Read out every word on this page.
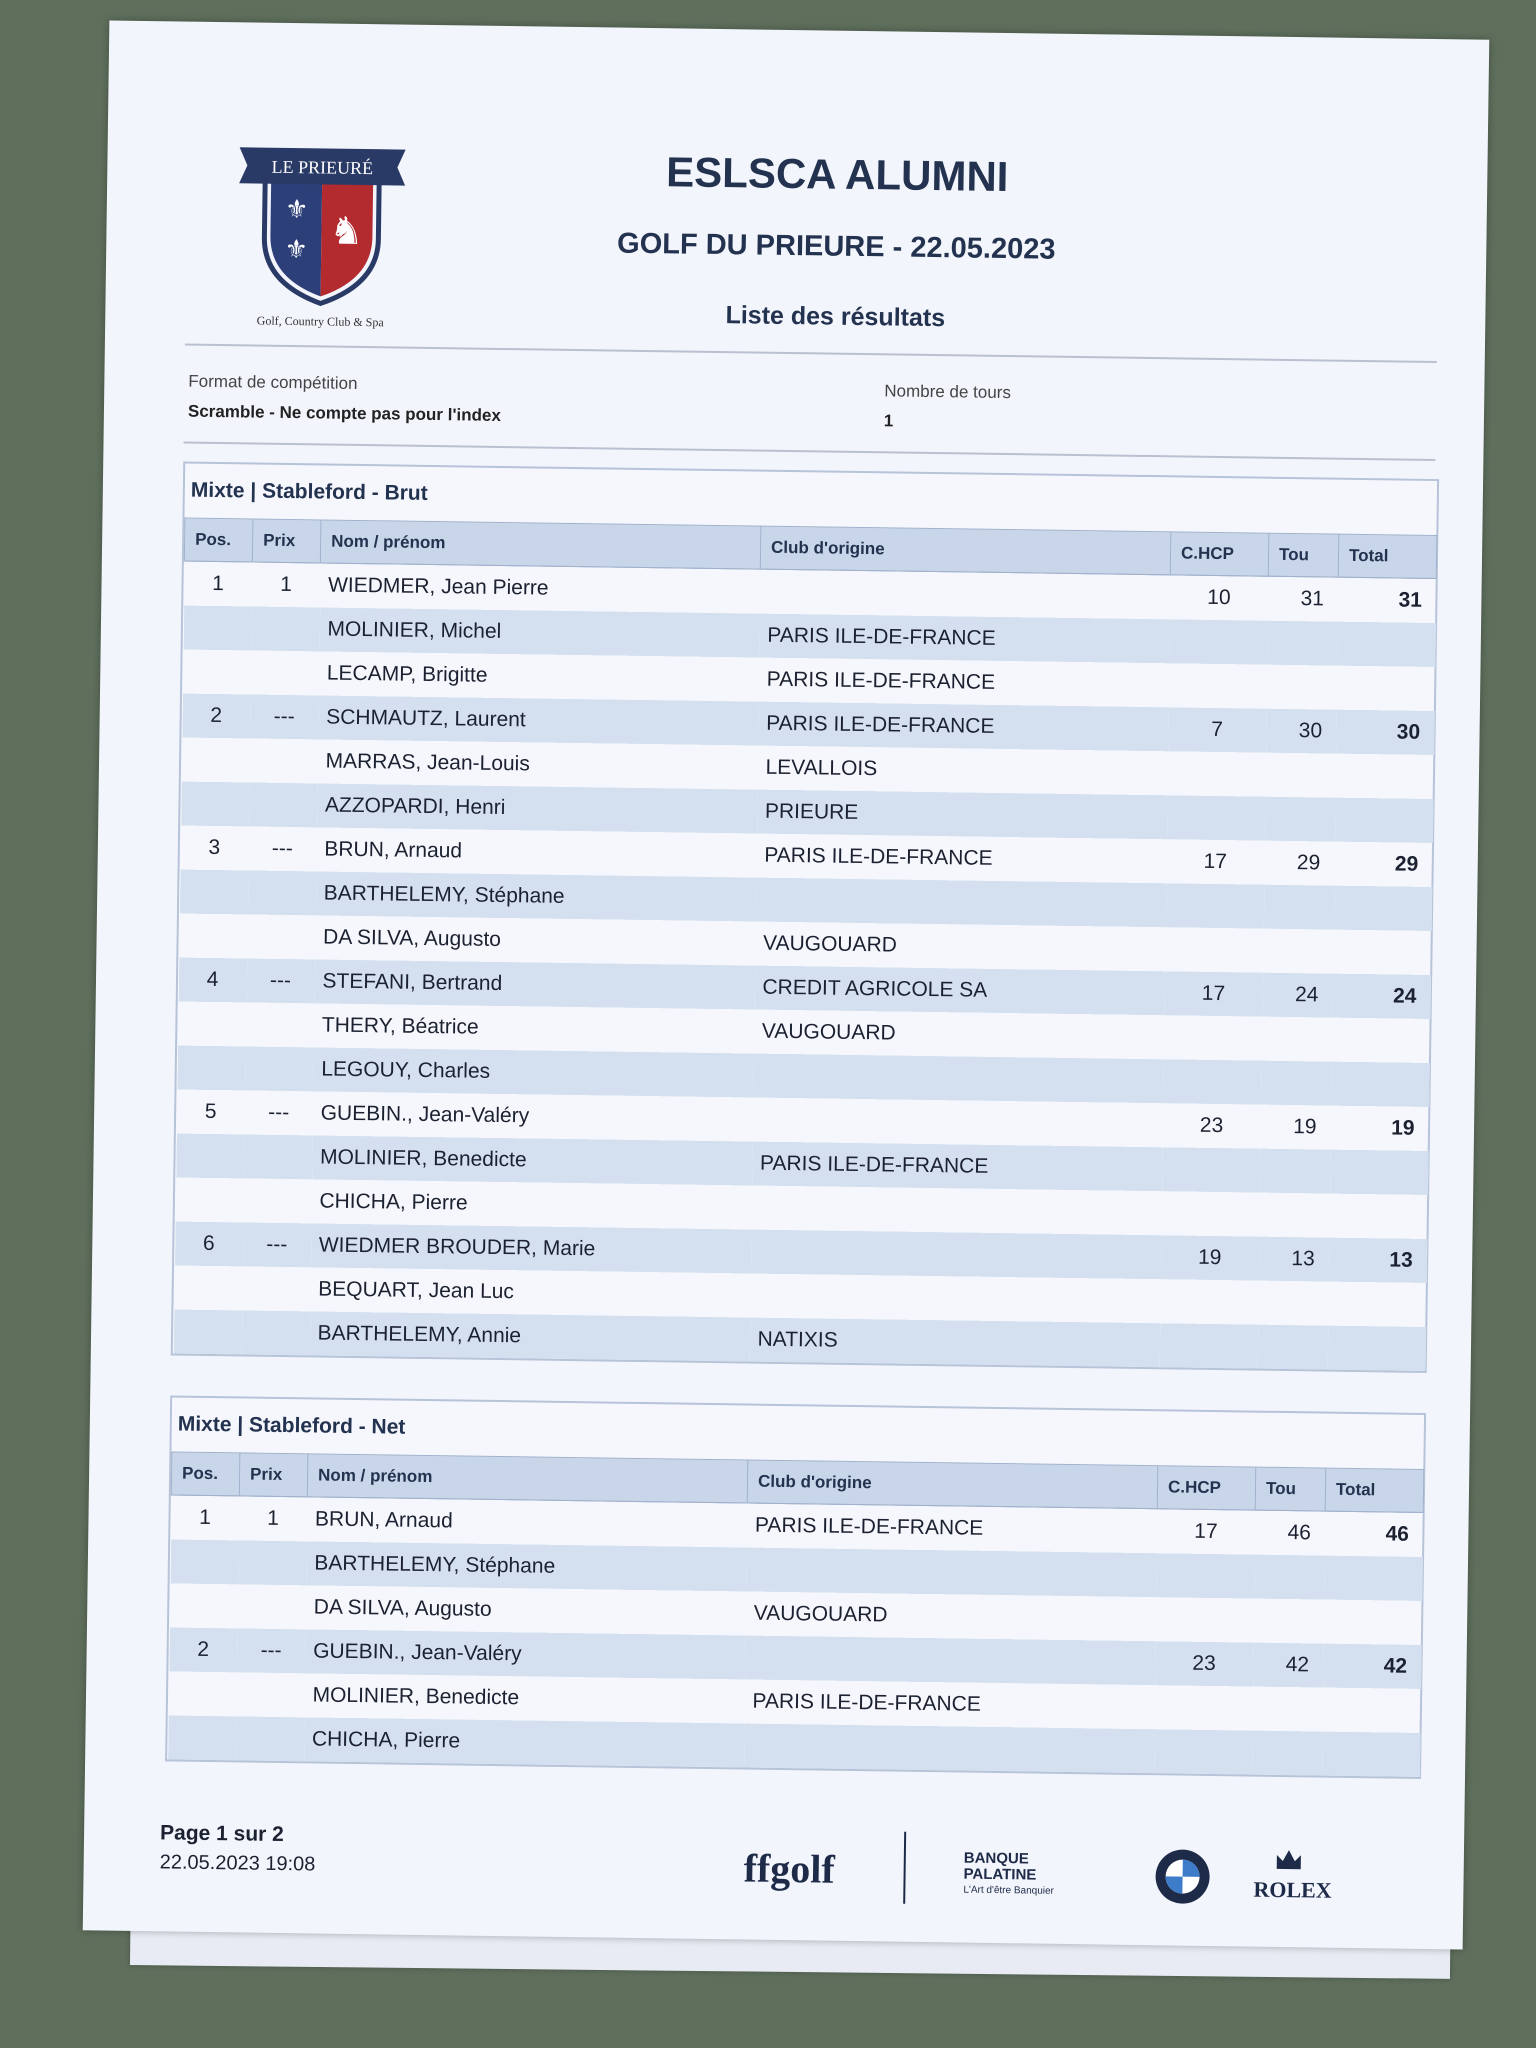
⚜
⚜ ♞
LE PRIEURÉ
Golf, Country Club & Spa
ESLSCA ALUMNI
GOLF DU PRIEURE - 22.05.2023
Liste des résultats
Format de compétition
Scramble - Ne compte pas pour l'index
Nombre de tours
1
Mixte | Stableford - Brut
Pos.	Prix	Nom / prénom	Club d'origine	C.HCP	Tou	Total
1	1	WIEDMER, Jean Pierre		10	31	31
		MOLINIER, Michel	PARIS ILE-DE-FRANCE			
		LECAMP, Brigitte	PARIS ILE-DE-FRANCE			
2	---	SCHMAUTZ, Laurent	PARIS ILE-DE-FRANCE	7	30	30
		MARRAS, Jean-Louis	LEVALLOIS			
		AZZOPARDI, Henri	PRIEURE			
3	---	BRUN, Arnaud	PARIS ILE-DE-FRANCE	17	29	29
		BARTHELEMY, Stéphane				
		DA SILVA, Augusto	VAUGOUARD			
4	---	STEFANI, Bertrand	CREDIT AGRICOLE SA	17	24	24
		THERY, Béatrice	VAUGOUARD			
		LEGOUY, Charles				
5	---	GUEBIN., Jean-Valéry		23	19	19
		MOLINIER, Benedicte	PARIS ILE-DE-FRANCE			
		CHICHA, Pierre				
6	---	WIEDMER BROUDER, Marie		19	13	13
		BEQUART, Jean Luc				
		BARTHELEMY, Annie	NATIXIS			
Mixte | Stableford - Net
Pos.	Prix	Nom / prénom	Club d'origine	C.HCP	Tou	Total
1	1	BRUN, Arnaud	PARIS ILE-DE-FRANCE	17	46	46
		BARTHELEMY, Stéphane				
		DA SILVA, Augusto	VAUGOUARD			
2	---	GUEBIN., Jean-Valéry		23	42	42
		MOLINIER, Benedicte	PARIS ILE-DE-FRANCE			
		CHICHA, Pierre				
Page 1 sur 2
22.05.2023 19:08	ffgolf	BANQUE
PALATINE
L'Art d'être Banquier	ROLEX
